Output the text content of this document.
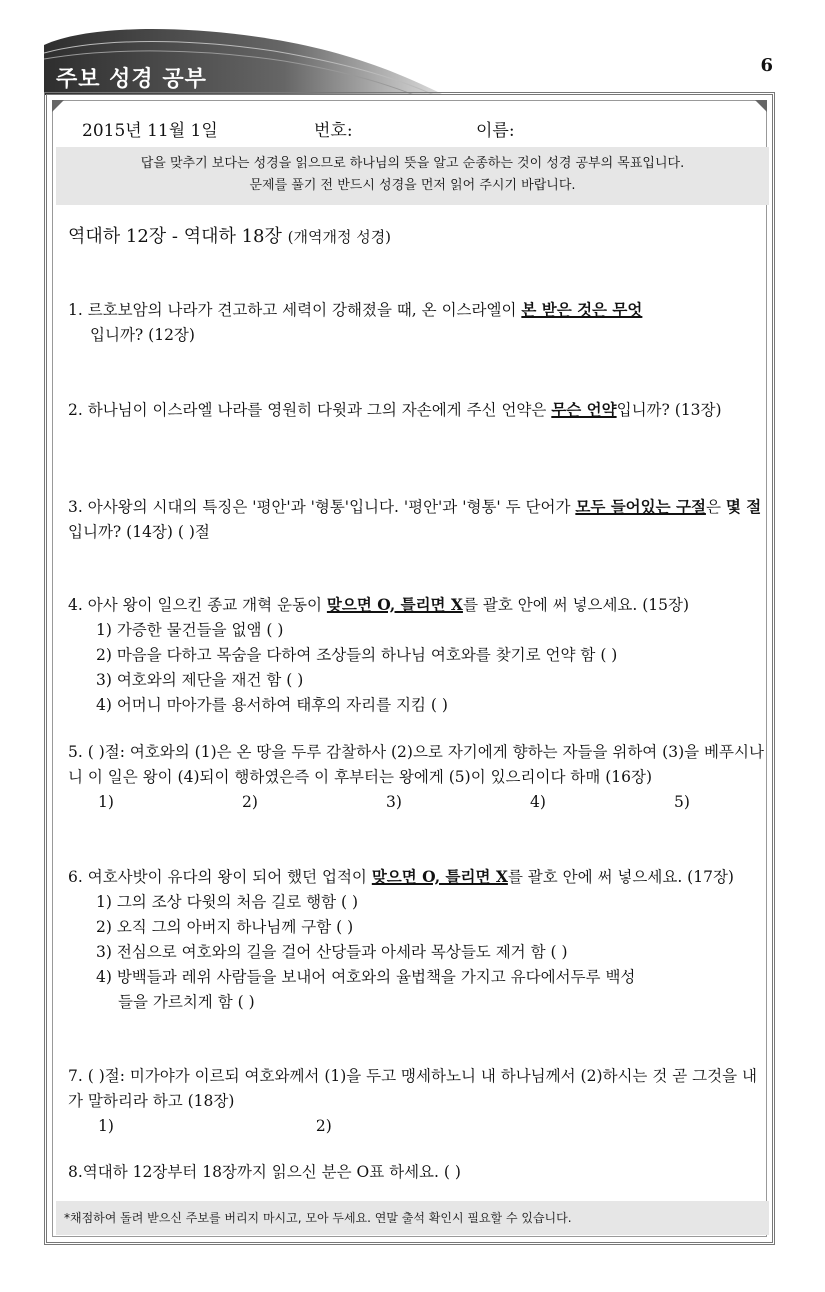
주보 성경 공부
6
2015년 11월 1일	번호:	이름:
답을 맞추기 보다는 성경을 읽으므로 하나님의 뜻을 알고 순종하는 것이 성경 공부의 목표입니다.
문제를 풀기 전 반드시 성경을 먼저 읽어 주시기 바랍니다.
역대하 12장 - 역대하 18장 (개역개정 성경)
1. 르호보암의 나라가 견고하고 세력이 강해졌을 때, 온 이스라엘이 본 받은 것은 무엇
입니까? (12장)
2. 하나님이 이스라엘 나라를 영원히 다윗과 그의 자손에게 주신 언약은 무슨 언약입니까? (13장)
3. 아사왕의 시대의 특징은 '평안'과 '형통'입니다. '평안'과 '형통' 두 단어가 모두 들어있는 구절은 몇 절입니까? (14장) ( )절
4. 아사 왕이 일으킨 종교 개혁 운동이 맞으면 O, 틀리면 X를 괄호 안에 써 넣으세요. (15장)
1) 가증한 물건들을 없앰 ( )
2) 마음을 다하고 목숨을 다하여 조상들의 하나님 여호와를 찾기로 언약 함 ( )
3) 여호와의 제단을 재건 함 ( )
4) 어머니 마아가를 용서하여 태후의 자리를 지킴 ( )
5. ( )절: 여호와의 (1)은 온 땅을 두루 감찰하사 (2)으로 자기에게 향하는 자들을 위하여 (3)을 베푸시나니 이 일은 왕이 (4)되이 행하였은즉 이 후부터는 왕에게 (5)이 있으리이다 하매 (16장)
1)                          2)                          3)                          4)                          5)
6. 여호사밧이 유다의 왕이 되어 했던 업적이 맞으면 O, 틀리면 X를 괄호 안에 써 넣으세요. (17장)
1) 그의 조상 다윗의 처음 길로 행함 ( )
2) 오직 그의 아버지 하나님께 구함 ( )
3) 전심으로 여호와의 길을 걸어 산당들과 아세라 목상들도 제거 함 ( )
4) 방백들과 레위 사람들을 보내어 여호와의 율법책을 가지고 유다에서두루 백성
들을 가르치게 함 ( )
7. ( )절: 미가야가 이르되 여호와께서 (1)을 두고 맹세하노니 내 하나님께서 (2)하시는 것 곧 그것을 내가 말하리라 하고 (18장)
1)                                         2)
8.역대하 12장부터 18장까지 읽으신 분은 O표 하세요. ( )
*채점하여 돌려 받으신 주보를 버리지 마시고, 모아 두세요. 연말 출석 확인시 필요할 수 있습니다.
